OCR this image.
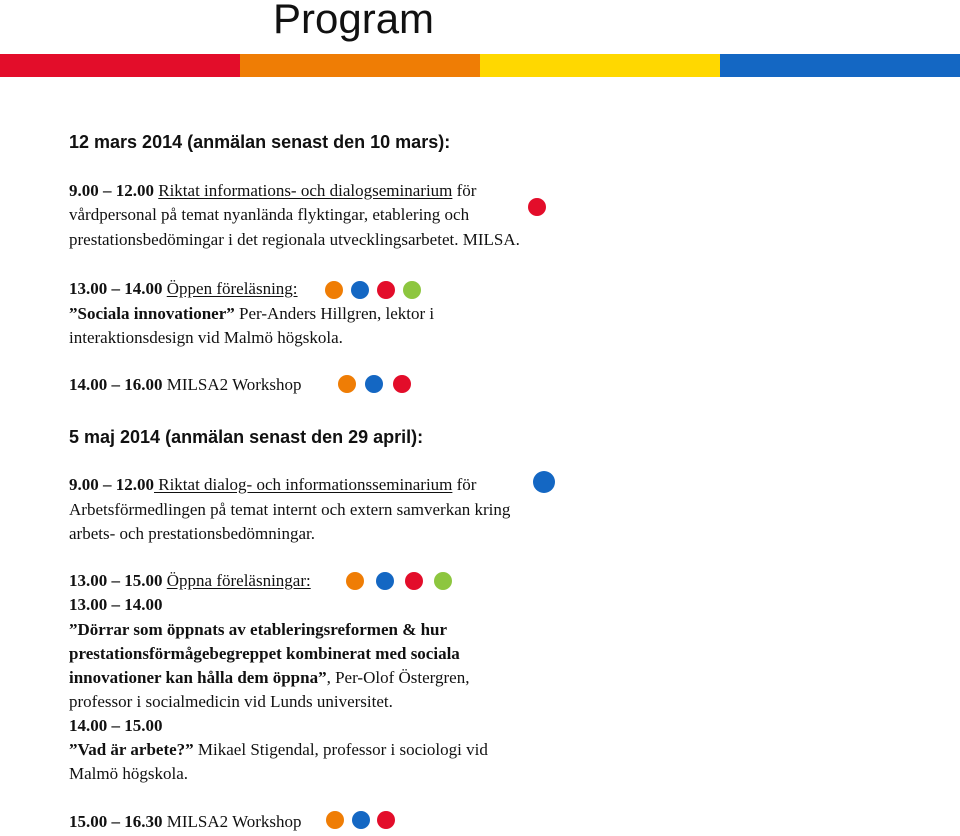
Program
12 mars 2014 (anmälan senast den 10 mars):
9.00 – 12.00 Riktat informations- och dialogseminarium för
vårdpersonal på temat nyanlända flyktingar, etablering och
prestationsbedömingar i det regionala utvecklingsarbetet. MILSA.
13.00 – 14.00 Öppen föreläsning:
”Sociala innovationer” Per-Anders Hillgren, lektor i
interaktionsdesign vid Malmö högskola.
14.00 – 16.00 MILSA2 Workshop
5 maj 2014 (anmälan senast den 29 april):
9.00 – 12.00 Riktat dialog- och informationsseminarium för
Arbetsförmedlingen på temat internt och extern samverkan kring
arbets- och prestationsbedömningar.
13.00 – 15.00 Öppna föreläsningar:
13.00 – 14.00
”Dörrar som öppnats av etableringsreformen & hur
prestationsförmågebegreppet kombinerat med sociala
innovationer kan hålla dem öppna”, Per-Olof Östergren,
professor i socialmedicin vid Lunds universitet.
14.00 – 15.00
”Vad är arbete?” Mikael Stigendal, professor i sociologi vid
Malmö högskola.
15.00 – 16.30 MILSA2 Workshop
